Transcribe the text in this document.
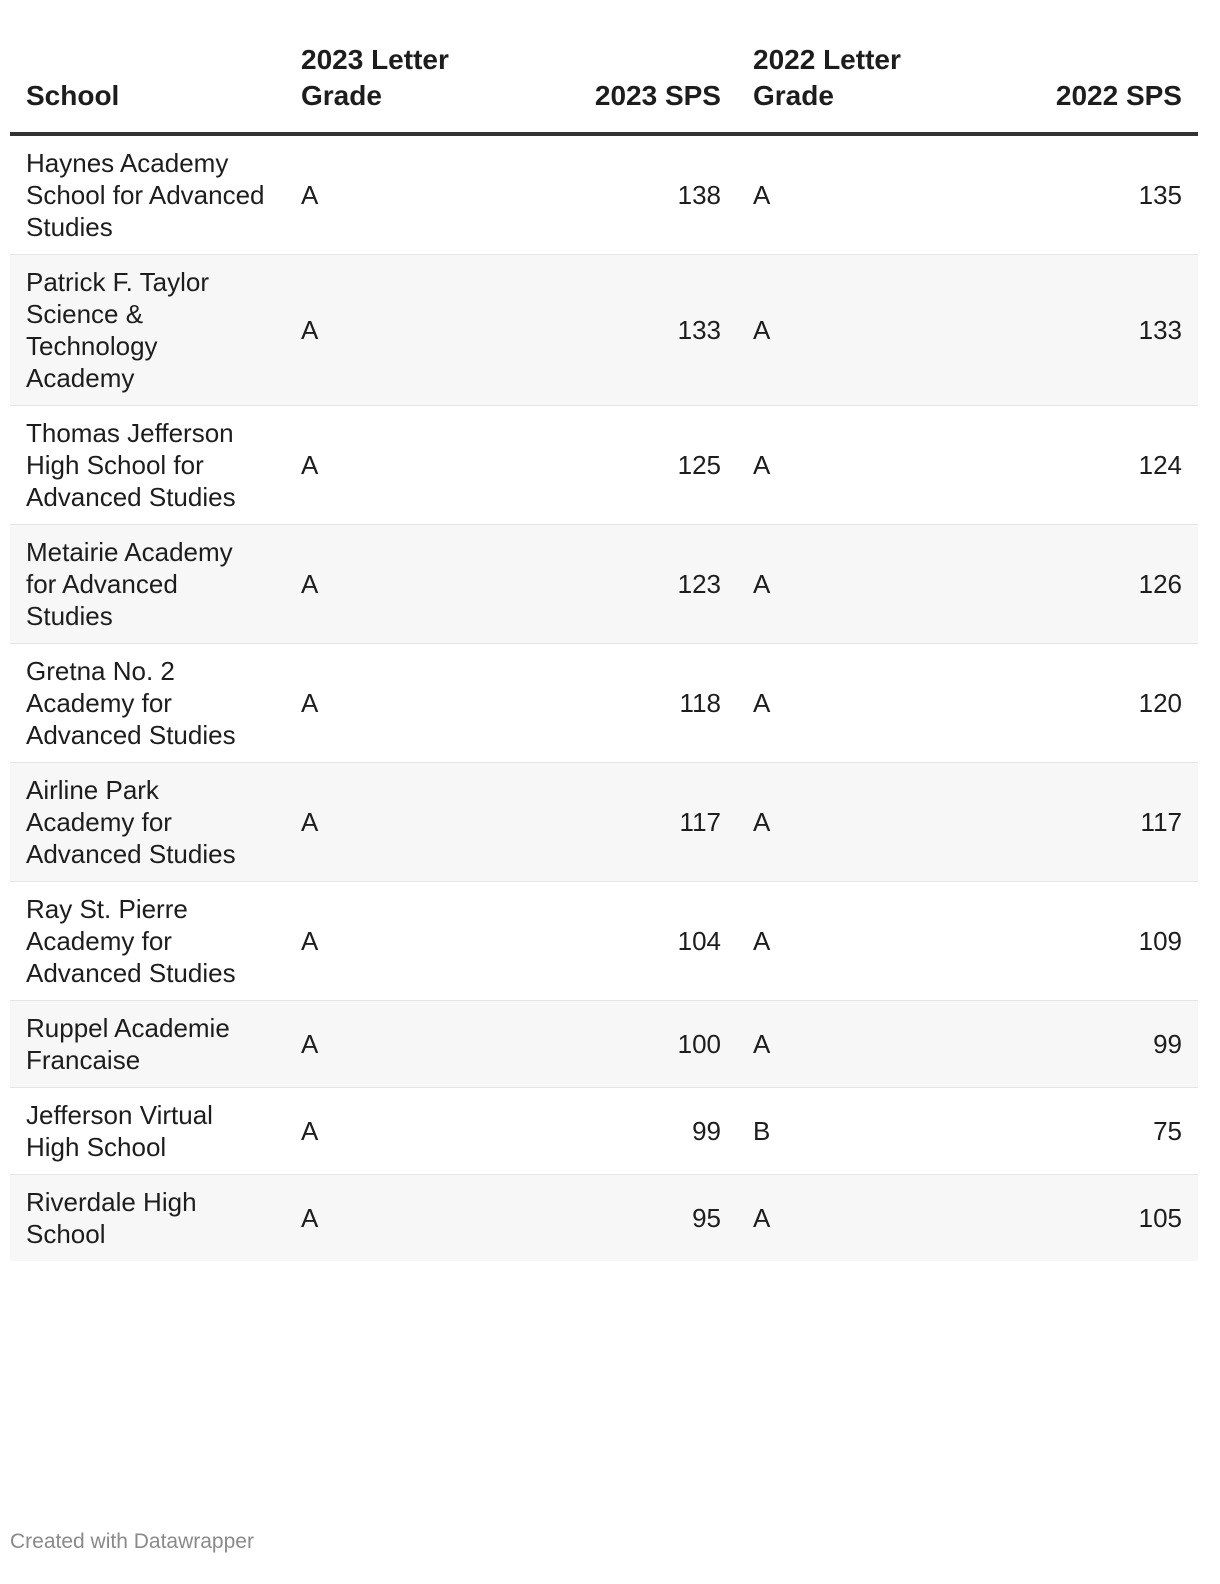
School	2023 Letter Grade	2023 SPS	2022 Letter Grade	2022 SPS
Haynes Academy School for Advanced Studies	A	138	A	135
Patrick F. Taylor Science & Technology Academy	A	133	A	133
Thomas Jefferson High School for Advanced Studies	A	125	A	124
Metairie Academy for Advanced Studies	A	123	A	126
Gretna No. 2 Academy for Advanced Studies	A	118	A	120
Airline Park Academy for Advanced Studies	A	117	A	117
Ray St. Pierre Academy for Advanced Studies	A	104	A	109
Ruppel Academie Francaise	A	100	A	99
Jefferson Virtual High School	A	99	B	75
Riverdale High School	A	95	A	105
Created with Datawrapper
